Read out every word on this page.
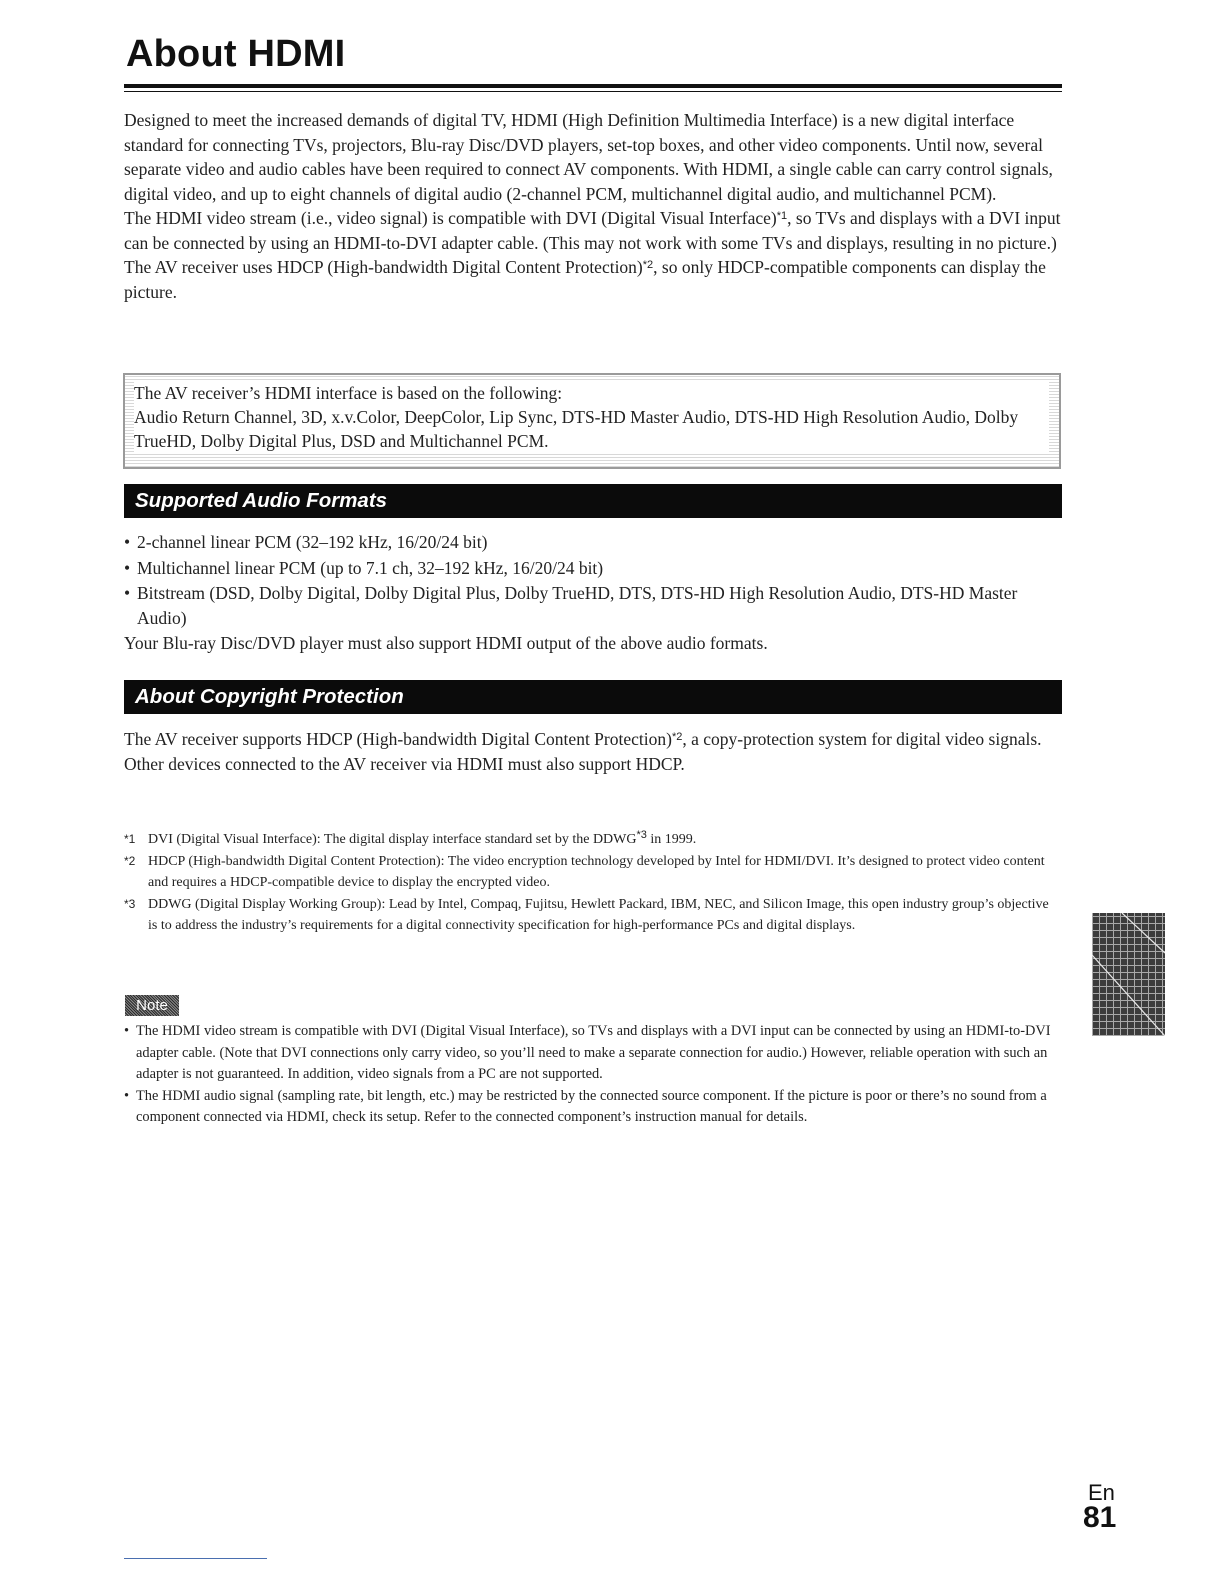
About HDMI

Designed to meet the increased demands of digital TV, HDMI (High Definition Multimedia Interface) is a new digital interface standard for connecting TVs, projectors, Blu-ray Disc/DVD players, set-top boxes, and other video components. Until now, several separate video and audio cables have been required to connect AV components. With HDMI, a single cable can carry control signals, digital video, and up to eight channels of digital audio (2-channel PCM, multichannel digital audio, and multichannel PCM).

The HDMI video stream (i.e., video signal) is compatible with DVI (Digital Visual Interface)$^{*1}$, so TVs and displays with a DVI input can be connected by using an HDMI-to-DVI adapter cable. (This may not work with some TVs and displays, resulting in no picture.)

The AV receiver uses HDCP (High-bandwidth Digital Content Protection)$^{*2}$, so only HDCP-compatible components can display the picture.

The AV receiver’s HDMI interface is based on the following:
Audio Return Channel, 3D, x.v.Color, DeepColor, Lip Sync, DTS-HD Master Audio, DTS-HD High Resolution Audio, Dolby TrueHD, Dolby Digital Plus, DSD and Multichannel PCM.
Supported Audio Formats
• 2-channel linear PCM (32–192 kHz, 16/20/24 bit)
• Multichannel linear PCM (up to 7.1 ch, 32–192 kHz, 16/20/24 bit)
• Bitstream (DSD, Dolby Digital, Dolby Digital Plus, Dolby TrueHD, DTS, DTS-HD High Resolution Audio, DTS-HD Master Audio)

Your Blu-ray Disc/DVD player must also support HDMI output of the above audio formats.

About Copyright Protection

The AV receiver supports HDCP (High-bandwidth Digital Content Protection)$^{*2}$, a copy-protection system for digital video signals. Other devices connected to the AV receiver via HDMI must also support HDCP.

*1 DVI (Digital Visual Interface): The digital display interface standard set by the DDWG$^{*3}$ in 1999.
*2 HDCP (High-bandwidth Digital Content Protection): The video encryption technology developed by Intel for HDMI/DVI. It’s designed to protect video content and requires a HDCP-compatible device to display the encrypted video.
*3 DDWG (Digital Display Working Group): Lead by Intel, Compaq, Fujitsu, Hewlett Packard, IBM, NEC, and Silicon Image, this open industry group’s objective is to address the industry’s requirements for a digital connectivity specification for high-performance PCs and digital displays.
Note
• The HDMI video stream is compatible with DVI (Digital Visual Interface), so TVs and displays with a DVI input can be connected by using an HDMI-to-DVI adapter cable. (Note that DVI connections only carry video, so you’ll need to make a separate connection for audio.) However, reliable operation with such an adapter is not guaranteed. In addition, video signals from a PC are not supported.
• The HDMI audio signal (sampling rate, bit length, etc.) may be restricted by the connected source component. If the picture is poor or there’s no sound from a component connected via HDMI, check its setup. Refer to the connected component’s instruction manual for details.
En
81
